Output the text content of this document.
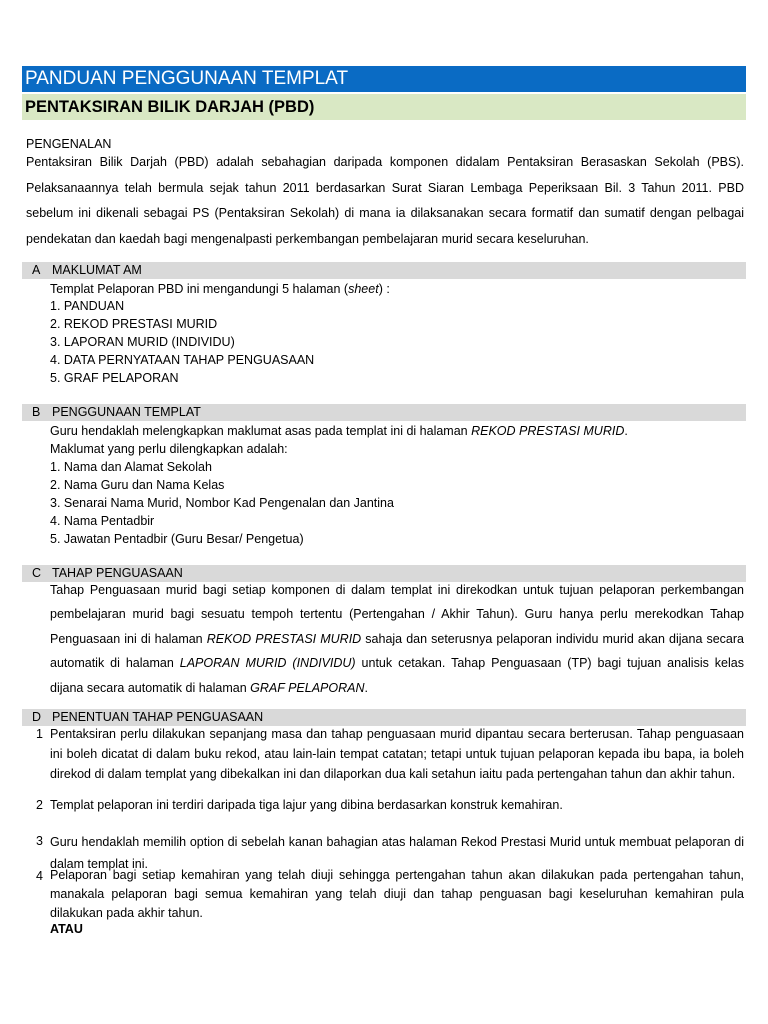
PANDUAN PENGGUNAAN TEMPLAT
PENTAKSIRAN BILIK DARJAH (PBD)
PENGENALAN
Pentaksiran Bilik Darjah (PBD) adalah sebahagian daripada komponen didalam Pentaksiran Berasaskan Sekolah (PBS). Pelaksanaannya telah bermula sejak tahun 2011 berdasarkan Surat Siaran Lembaga Peperiksaan Bil. 3 Tahun 2011. PBD sebelum ini dikenali sebagai PS (Pentaksiran Sekolah) di mana ia dilaksanakan secara formatif dan sumatif dengan pelbagai pendekatan dan kaedah bagi mengenalpasti perkembangan pembelajaran murid secara keseluruhan.
A MAKLUMAT AM
Templat Pelaporan PBD ini mengandungi 5 halaman (sheet) :
1. PANDUAN
2. REKOD PRESTASI MURID
3. LAPORAN MURID (INDIVIDU)
4. DATA PERNYATAAN TAHAP PENGUASAAN
5. GRAF PELAPORAN
B PENGGUNAAN TEMPLAT
Guru hendaklah melengkapkan maklumat asas pada templat ini di halaman REKOD PRESTASI MURID.
Maklumat yang perlu dilengkapkan adalah:
1. Nama dan Alamat Sekolah
2. Nama Guru dan Nama Kelas
3. Senarai Nama Murid, Nombor Kad Pengenalan dan Jantina
4. Nama Pentadbir
5. Jawatan Pentadbir (Guru Besar/ Pengetua)
C TAHAP PENGUASAAN
Tahap Penguasaan murid bagi setiap komponen di dalam templat ini direkodkan untuk tujuan pelaporan perkembangan pembelajaran murid bagi sesuatu tempoh tertentu (Pertengahan / Akhir Tahun). Guru hanya perlu merekodkan Tahap Penguasaan ini di halaman REKOD PRESTASI MURID sahaja dan seterusnya pelaporan individu murid akan dijana secara automatik di halaman LAPORAN MURID (INDIVIDU) untuk cetakan. Tahap Penguasaan (TP) bagi tujuan analisis kelas dijana secara automatik di halaman GRAF PELAPORAN.
D PENENTUAN TAHAP PENGUASAAN
1 Pentaksiran perlu dilakukan sepanjang masa dan tahap penguasaan murid dipantau secara berterusan. Tahap penguasaan ini boleh dicatat di dalam buku rekod, atau lain-lain tempat catatan; tetapi untuk tujuan pelaporan kepada ibu bapa, ia boleh direkod di dalam templat yang dibekalkan ini dan dilaporkan dua kali setahun iaitu pada pertengahan tahun dan akhir tahun.
2 Templat pelaporan ini terdiri daripada tiga lajur yang dibina berdasarkan konstruk kemahiran.
3 Guru hendaklah memilih option di sebelah kanan bahagian atas halaman Rekod Prestasi Murid untuk membuat pelaporan di dalam templat ini.
4 Pelaporan bagi setiap kemahiran yang telah diuji sehingga pertengahan tahun akan dilakukan pada pertengahan tahun, manakala pelaporan bagi semua kemahiran yang telah diuji dan tahap penguasan bagi keseluruhan kemahiran pula dilakukan pada akhir tahun.
ATAU
